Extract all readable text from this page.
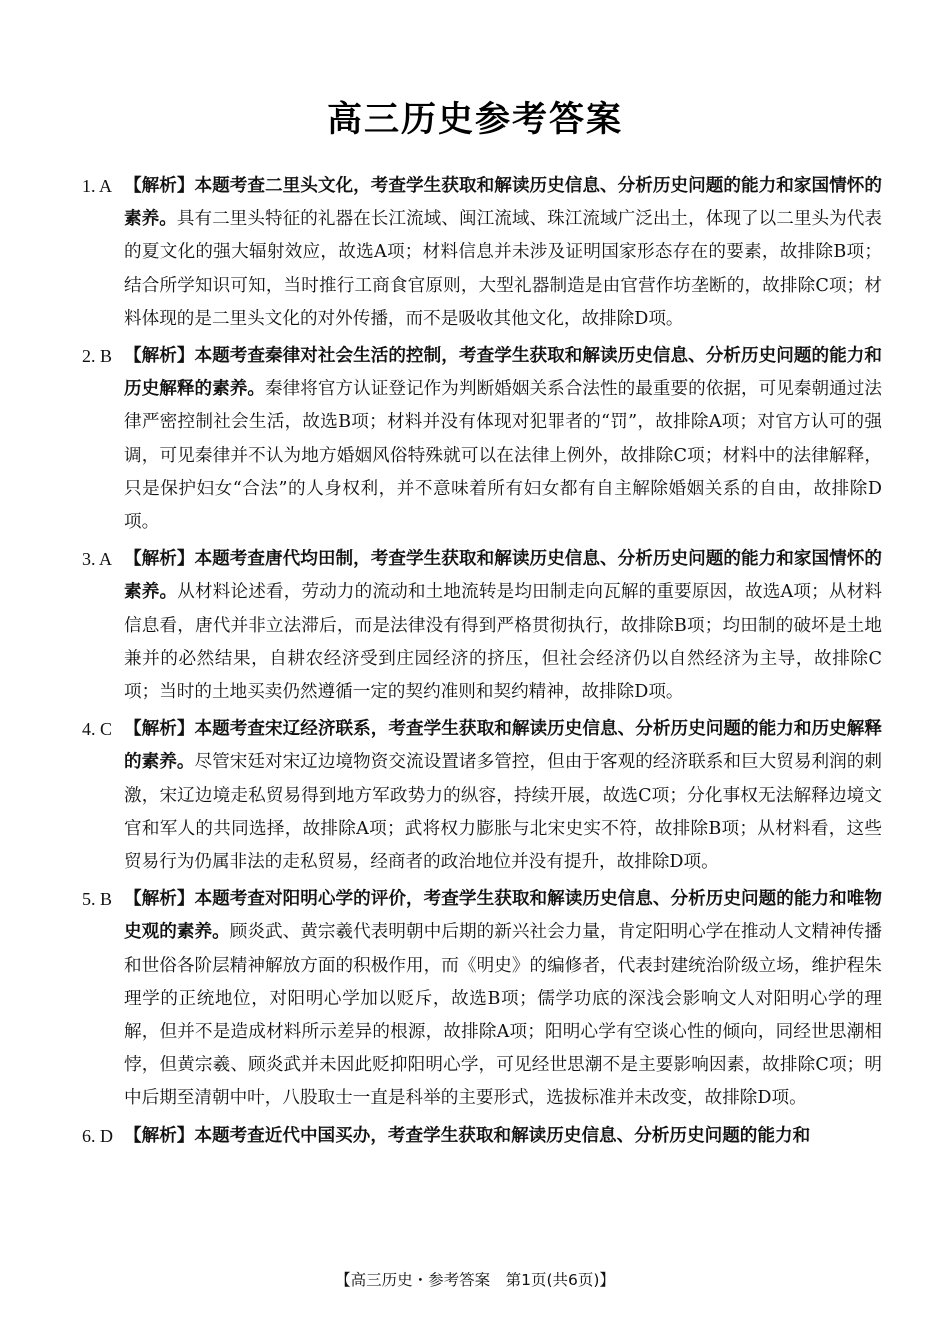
高三历史参考答案
1. A 【解析】本题考查二里头文化，考查学生获取和解读历史信息、分析历史问题的能力和家国情怀的素养。具有二里头特征的礼器在长江流域、闽江流域、珠江流域广泛出土，体现了以二里头为代表的夏文化的强大辐射效应，故选A项；材料信息并未涉及证明国家形态存在的要素，故排除B项；结合所学知识可知，当时推行工商食官原则，大型礼器制造是由官营作坊垄断的，故排除C项；材料体现的是二里头文化的对外传播，而不是吸收其他文化，故排除D项。
2. B 【解析】本题考查秦律对社会生活的控制，考查学生获取和解读历史信息、分析历史问题的能力和历史解释的素养。秦律将官方认证登记作为判断婚姻关系合法性的最重要的依据，可见秦朝通过法律严密控制社会生活，故选B项；材料并没有体现对犯罪者的“罚”，故排除A项；对官方认可的强调，可见秦律并不认为地方婚姻风俗特殊就可以在法律上例外，故排除C项；材料中的法律解释，只是保护妇女“合法”的人身权利，并不意味着所有妇女都有自主解除婚姻关系的自由，故排除D项。
3. A 【解析】本题考查唐代均田制，考查学生获取和解读历史信息、分析历史问题的能力和家国情怀的素养。从材料论述看，劳动力的流动和土地流转是均田制走向瓦解的重要原因，故选A项；从材料信息看，唐代并非立法滞后，而是法律没有得到严格贯彻执行，故排除B项；均田制的破坏是土地兼并的必然结果，自耕农经济受到庄园经济的挤压，但社会经济仍以自然经济为主导，故排除C项；当时的土地买卖仍然遵循一定的契约准则和契约精神，故排除D项。
4. C 【解析】本题考查宋辽经济联系，考查学生获取和解读历史信息、分析历史问题的能力和历史解释的素养。尽管宋廷对宋辽边境物资交流设置诸多管控，但由于客观的经济联系和巨大贸易利润的刺激，宋辽边境走私贸易得到地方军政势力的纵容，持续开展，故选C项；分化事权无法解释边境文官和军人的共同选择，故排除A项；武将权力膨胀与北宋史实不符，故排除B项；从材料看，这些贸易行为仍属非法的走私贸易，经商者的政治地位并没有提升，故排除D项。
5. B 【解析】本题考查对阳明心学的评价，考查学生获取和解读历史信息、分析历史问题的能力和唯物史观的素养。顾炎武、黄宗羲代表明朝中后期的新兴社会力量，肯定阳明心学在推动人文精神传播和世俗各阶层精神解放方面的积极作用，而《明史》的编修者，代表封建统治阶级立场，维护程朱理学的正统地位，对阳明心学加以贬斥，故选B项；儒学功底的深浅会影响文人对阳明心学的理解，但并不是造成材料所示差异的根源，故排除A项；阳明心学有空谈心性的倾向，同经世思潮相悖，但黄宗羲、顾炎武并未因此贬抑阳明心学，可见经世思潮不是主要影响因素，故排除C项；明中后期至清朝中叶，八股取士一直是科举的主要形式，选拔标准并未改变，故排除D项。
6. D 【解析】本题考查近代中国买办，考查学生获取和解读历史信息、分析历史问题的能力和
【高三历史・参考答案　第1页(共6页)】
